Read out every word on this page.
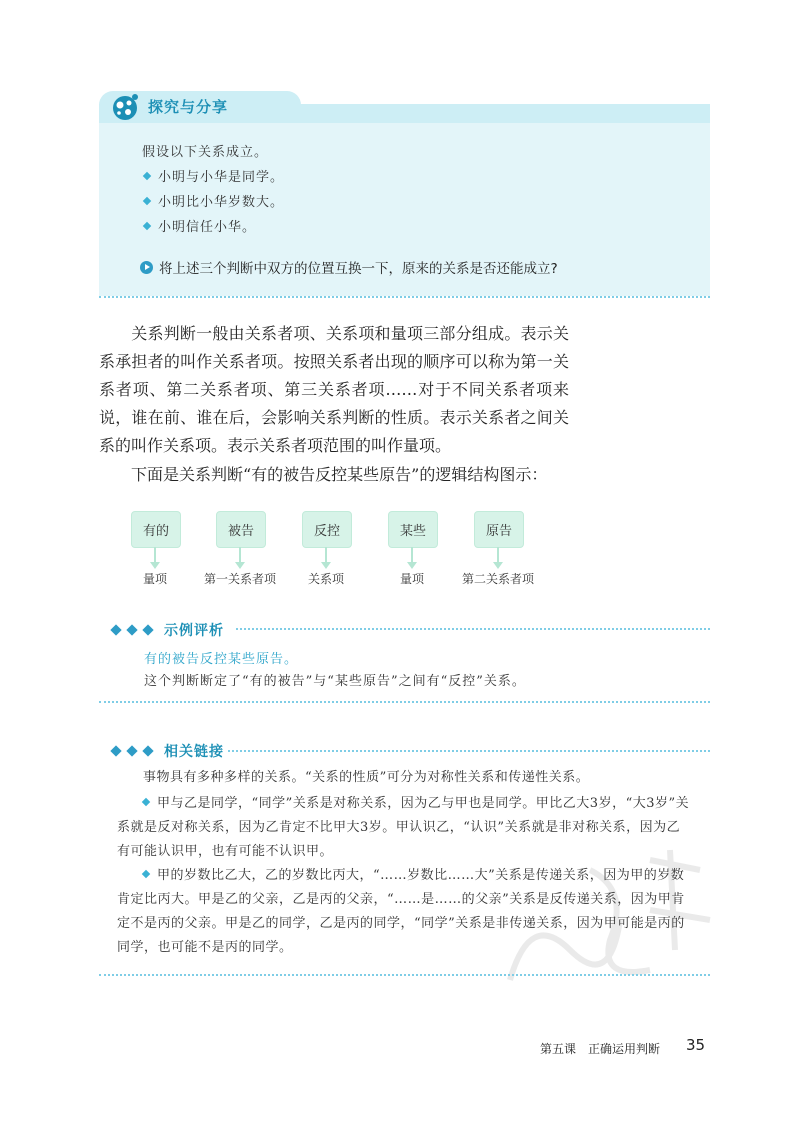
探究与分享
假设以下关系成立。
小明与小华是同学。
小明比小华岁数大。
小明信任小华。
将上述三个判断中双方的位置互换一下，原来的关系是否还能成立?

关系判断一般由关系者项、关系项和量项三部分组成。表示关系承担者的叫作关系者项。按照关系者出现的顺序可以称为第一关系者项、第二关系者项、第三关系者项……对于不同关系者项来说，谁在前、谁在后，会影响关系判断的性质。表示关系者之间关系的叫作关系项。表示关系者项范围的叫作量项。

下面是关系判断“有的被告反控某些原告”的逻辑结构图示：

有的	被告	反控	某些	原告
量项	第一关系者项	关系项	量项	第二关系者项
示例评析
有的被告反控某些原告。
这个判断断定了“有的被告”与“某些原告”之间有“反控”关系。
相关链接

事物具有多种多样的关系。“关系的性质”可分为对称性关系和传递性关系。

甲与乙是同学，“同学”关系是对称关系，因为乙与甲也是同学。甲比乙大3岁，“大3岁”关系就是反对称关系，因为乙肯定不比甲大3岁。甲认识乙，“认识”关系就是非对称关系，因为乙有可能认识甲，也有可能不认识甲。

甲的岁数比乙大，乙的岁数比丙大，“……岁数比……大”关系是传递关系，因为甲的岁数肯定比丙大。甲是乙的父亲，乙是丙的父亲，“……是……的父亲”关系是反传递关系，因为甲肯定不是丙的父亲。甲是乙的同学，乙是丙的同学，“同学”关系是非传递关系，因为甲可能是丙的同学，也可能不是丙的同学。

第五课　正确运用判断 35
